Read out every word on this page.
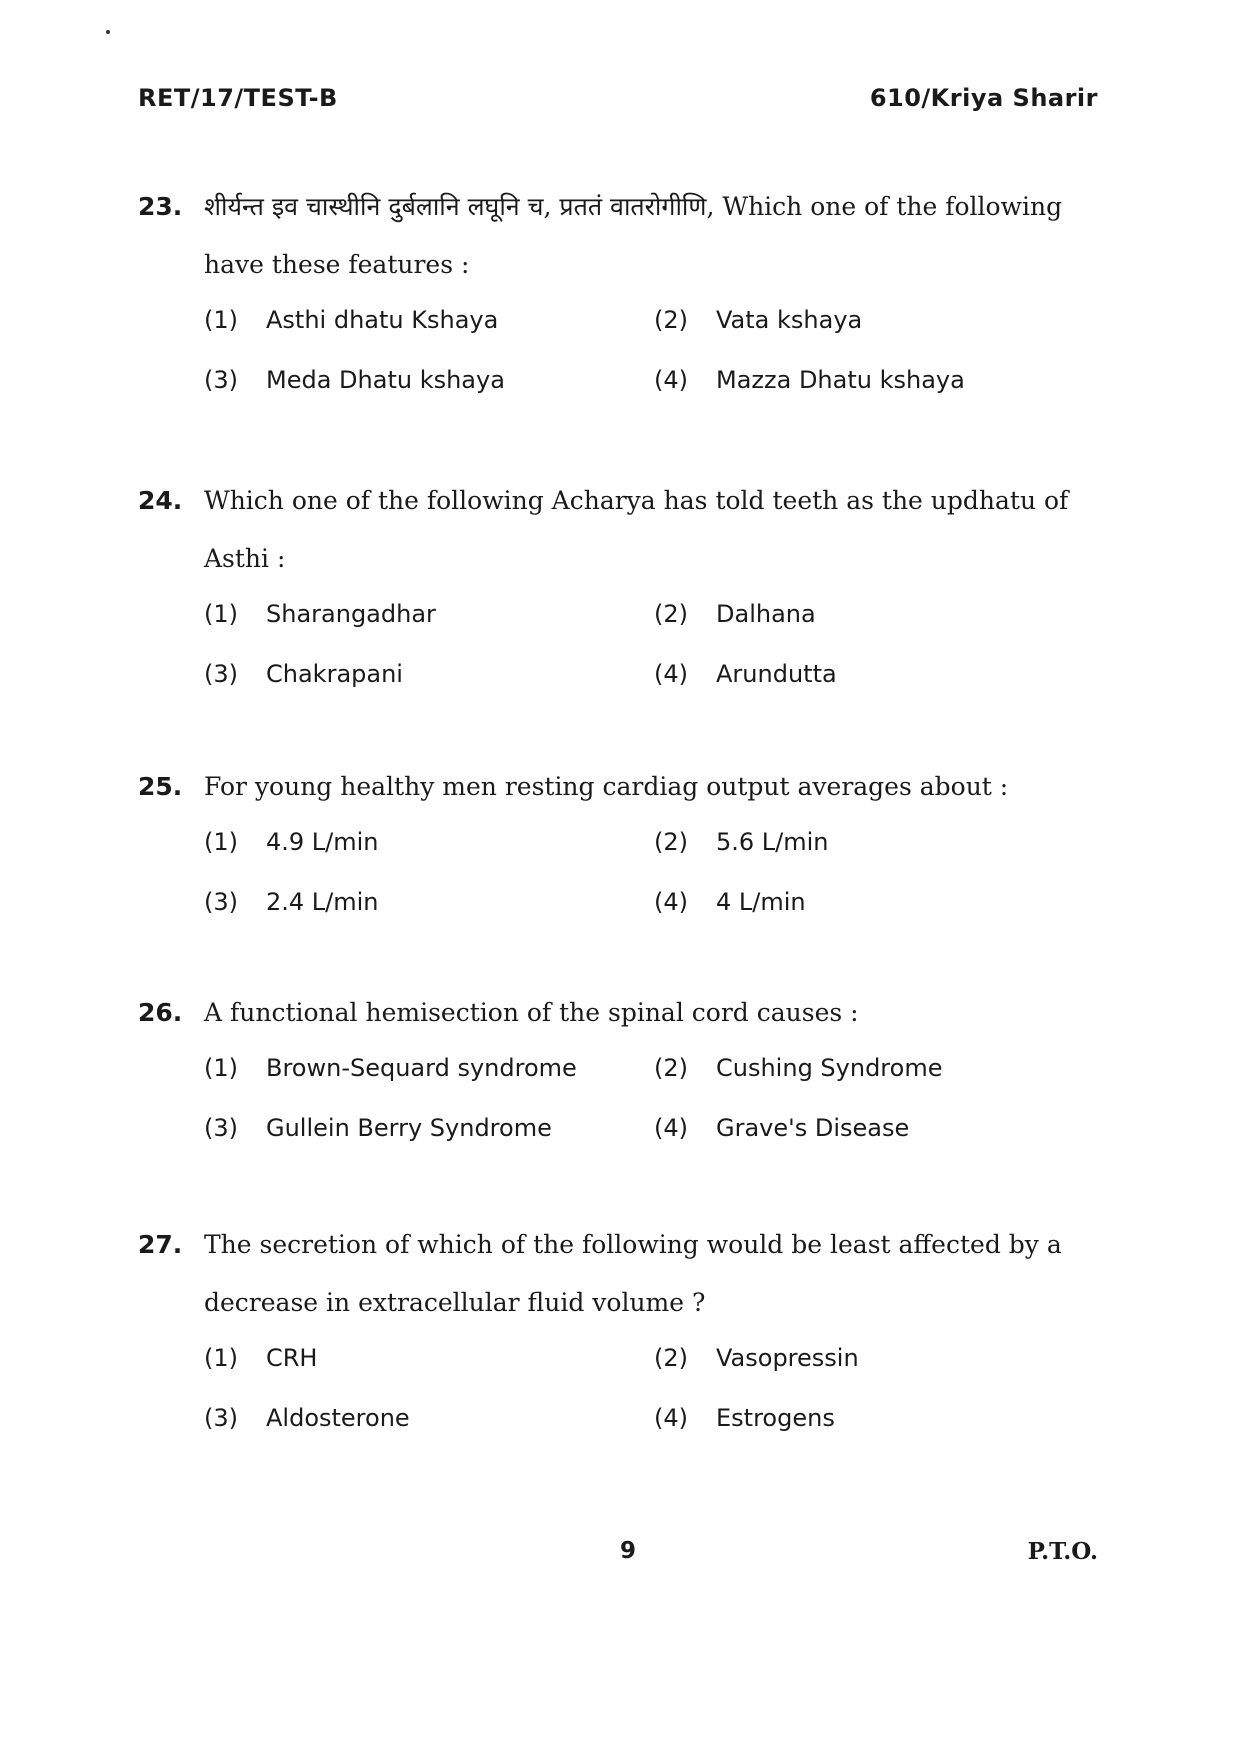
RET/17/TEST-B	610/Kriya Sharir
23. शीर्यन्त इव चास्थीनि दुर्बलानि लघूनि च, प्रततं वातरोगीणि, Which one of the following have these features :
(1)	Asthi dhatu Kshaya	(2)	Vata kshaya
(3)	Meda Dhatu kshaya	(4)	Mazza Dhatu kshaya
24. Which one of the following Acharya has told teeth as the updhatu of Asthi :
(1)	Sharangadhar	(2)	Dalhana
(3)	Chakrapani	(4)	Arundutta
25. For young healthy men resting cardiag output averages about :
(1)	4.9 L/min	(2)	5.6 L/min
(3)	2.4 L/min	(4)	4 L/min
26. A functional hemisection of the spinal cord causes :
(1)	Brown-Sequard syndrome	(2)	Cushing Syndrome
(3)	Gullein Berry Syndrome	(4)	Grave's Disease
27. The secretion of which of the following would be least affected by a decrease in extracellular fluid volume ?
(1)	CRH	(2)	Vasopressin
(3)	Aldosterone	(4)	Estrogens
9	P.T.O.
